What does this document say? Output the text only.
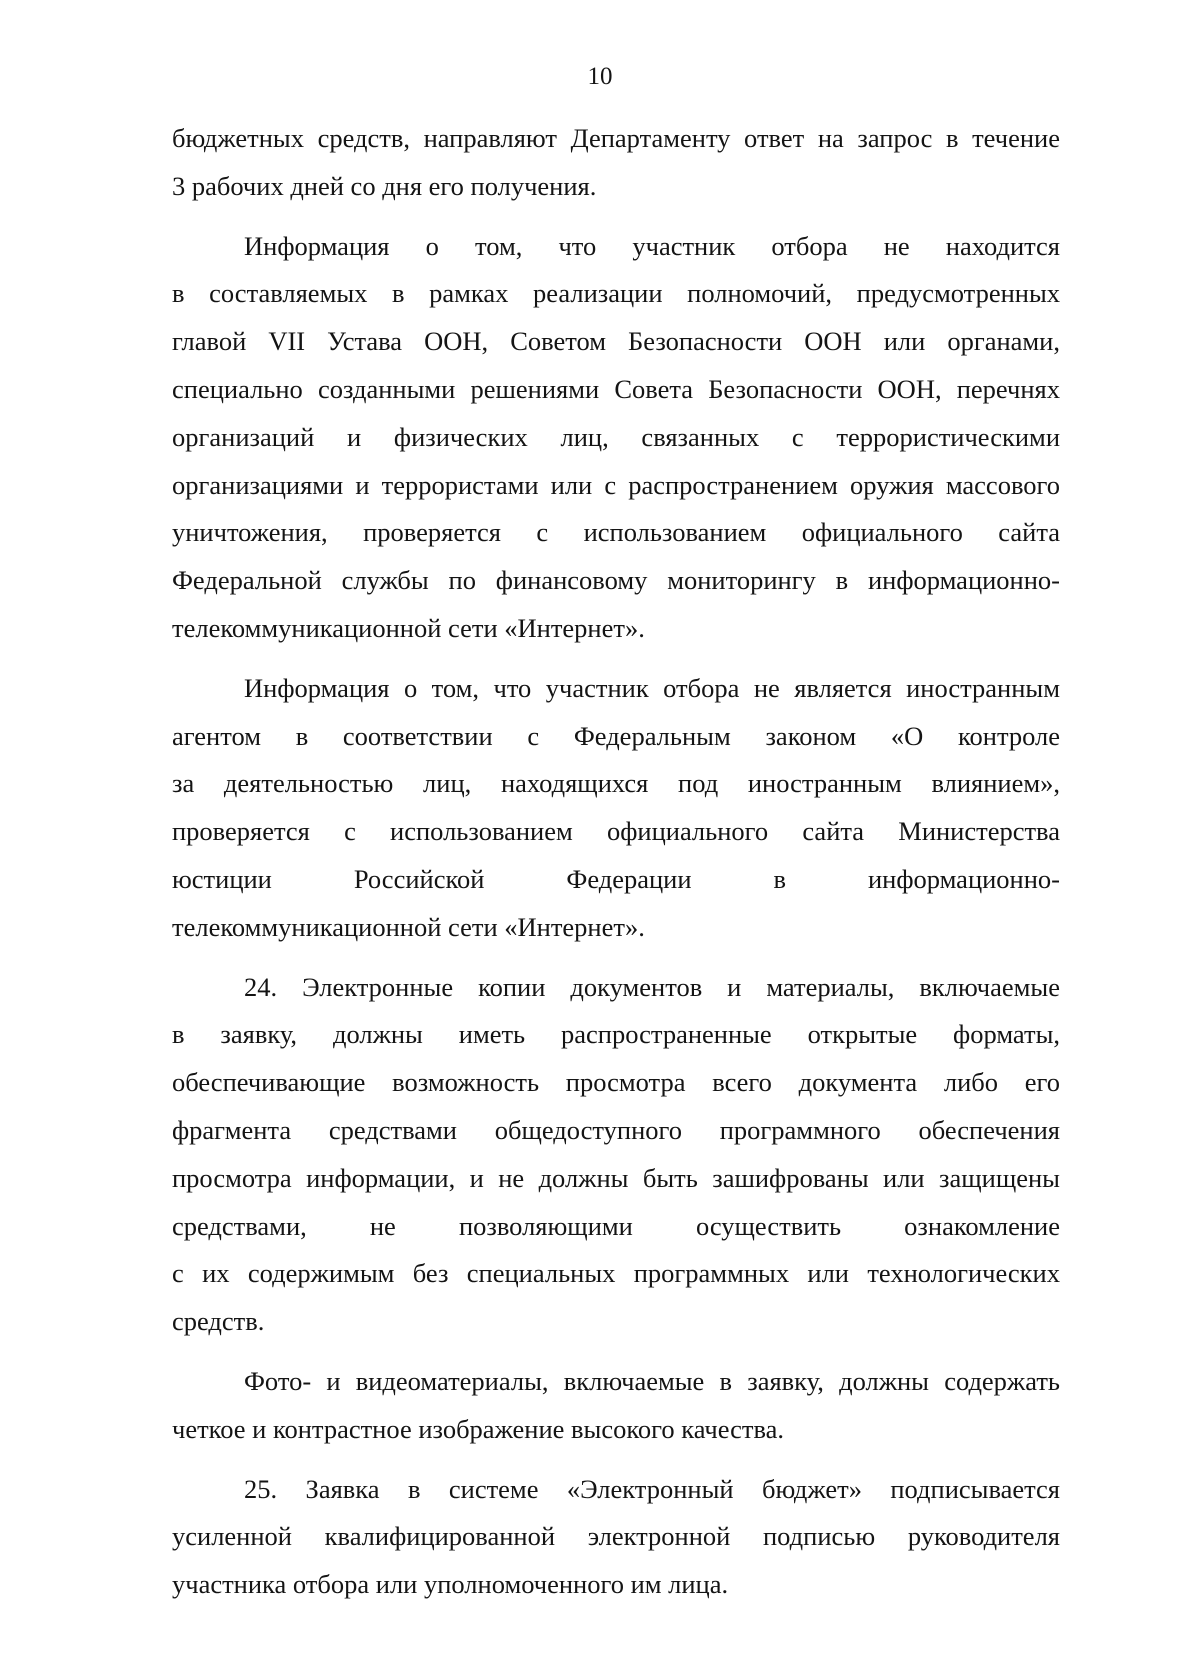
10
бюджетных средств, направляют Департаменту ответ на запрос в течение
3 рабочих дней со дня его получения.
Информация о том, что участник отбора не находится
в составляемых в рамках реализации полномочий, предусмотренных
главой VII Устава ООН, Советом Безопасности ООН или органами,
специально созданными решениями Совета Безопасности ООН, перечнях
организаций и физических лиц, связанных с террористическими
организациями и террористами или с распространением оружия массового
уничтожения, проверяется с использованием официального сайта
Федеральной службы по финансовому мониторингу в информационно-
телекоммуникационной сети «Интернет».
Информация о том, что участник отбора не является иностранным
агентом в соответствии с Федеральным законом «О контроле
за деятельностью лиц, находящихся под иностранным влиянием»,
проверяется с использованием официального сайта Министерства
юстиции Российской Федерации в информационно-
телекоммуникационной сети «Интернет».
24. Электронные копии документов и материалы, включаемые
в заявку, должны иметь распространенные открытые форматы,
обеспечивающие возможность просмотра всего документа либо его
фрагмента средствами общедоступного программного обеспечения
просмотра информации, и не должны быть зашифрованы или защищены
средствами, не позволяющими осуществить ознакомление
с их содержимым без специальных программных или технологических
средств.
Фото- и видеоматериалы, включаемые в заявку, должны содержать
четкое и контрастное изображение высокого качества.
25. Заявка в системе «Электронный бюджет» подписывается
усиленной квалифицированной электронной подписью руководителя
участника отбора или уполномоченного им лица.
